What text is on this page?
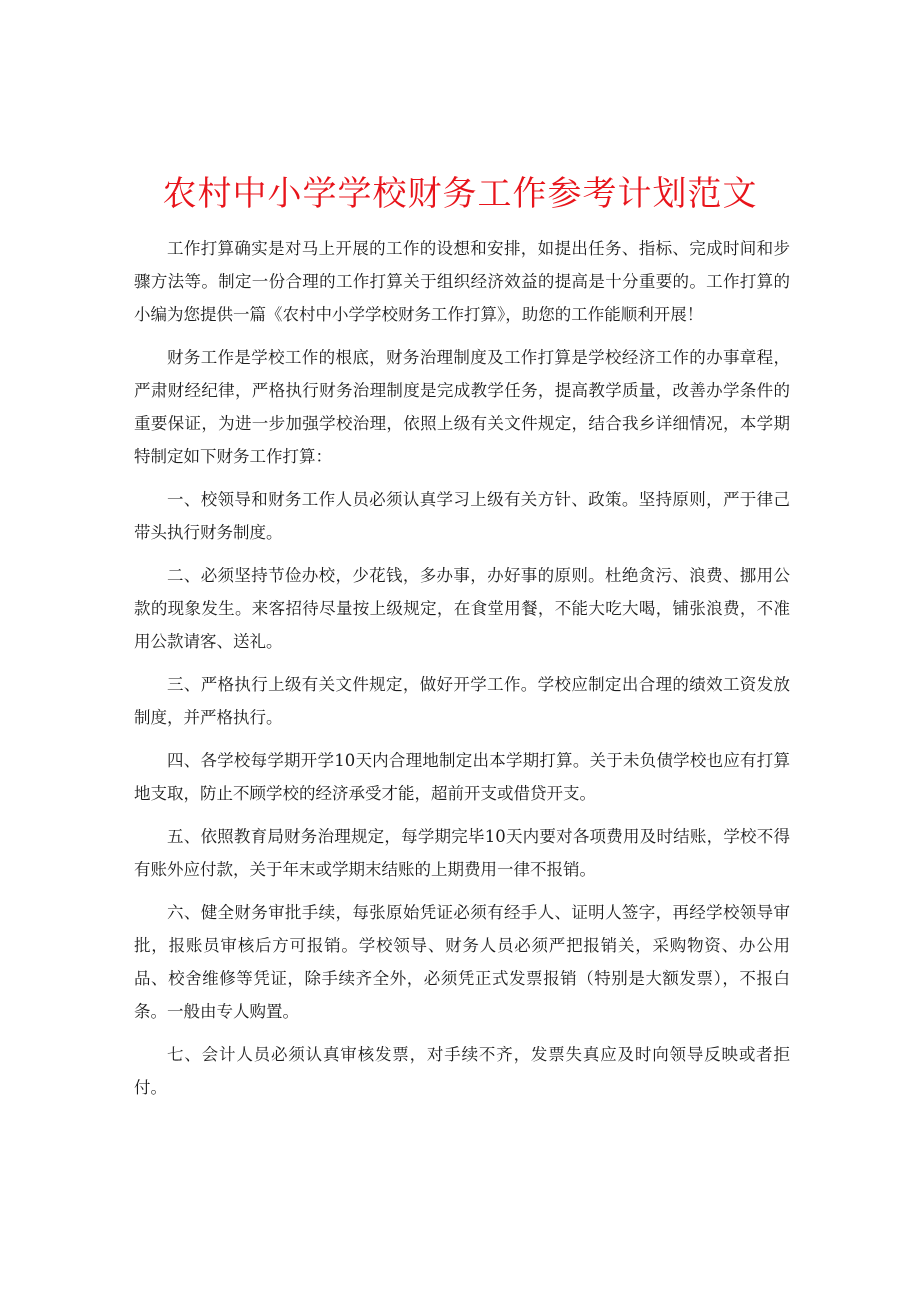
农村中小学学校财务工作参考计划范文

工作打算确实是对马上开展的工作的设想和安排，如提出任务、指标、完成时间和步骤方法等。制定一份合理的工作打算关于组织经济效益的提高是十分重要的。工作打算的小编为您提供一篇《农村中小学学校财务工作打算》，助您的工作能顺利开展！

财务工作是学校工作的根底，财务治理制度及工作打算是学校经济工作的办事章程，严肃财经纪律，严格执行财务治理制度是完成教学任务，提高教学质量，改善办学条件的重要保证，为进一步加强学校治理，依照上级有关文件规定，结合我乡详细情况，本学期特制定如下财务工作打算：

一、校领导和财务工作人员必须认真学习上级有关方针、政策。坚持原则，严于律己带头执行财务制度。

二、必须坚持节俭办校，少花钱，多办事，办好事的原则。杜绝贪污、浪费、挪用公款的现象发生。来客招待尽量按上级规定，在食堂用餐，不能大吃大喝，铺张浪费，不准用公款请客、送礼。

三、严格执行上级有关文件规定，做好开学工作。学校应制定出合理的绩效工资发放制度，并严格执行。

四、各学校每学期开学10天内合理地制定出本学期打算。关于未负债学校也应有打算地支取，防止不顾学校的经济承受才能，超前开支或借贷开支。

五、依照教育局财务治理规定，每学期完毕10天内要对各项费用及时结账，学校不得有账外应付款，关于年末或学期末结账的上期费用一律不报销。

六、健全财务审批手续，每张原始凭证必须有经手人、证明人签字，再经学校领导审批，报账员审核后方可报销。学校领导、财务人员必须严把报销关，采购物资、办公用品、校舍维修等凭证，除手续齐全外，必须凭正式发票报销（特别是大额发票），不报白条。一般由专人购置。

七、会计人员必须认真审核发票，对手续不齐，发票失真应及时向领导反映或者拒付。
